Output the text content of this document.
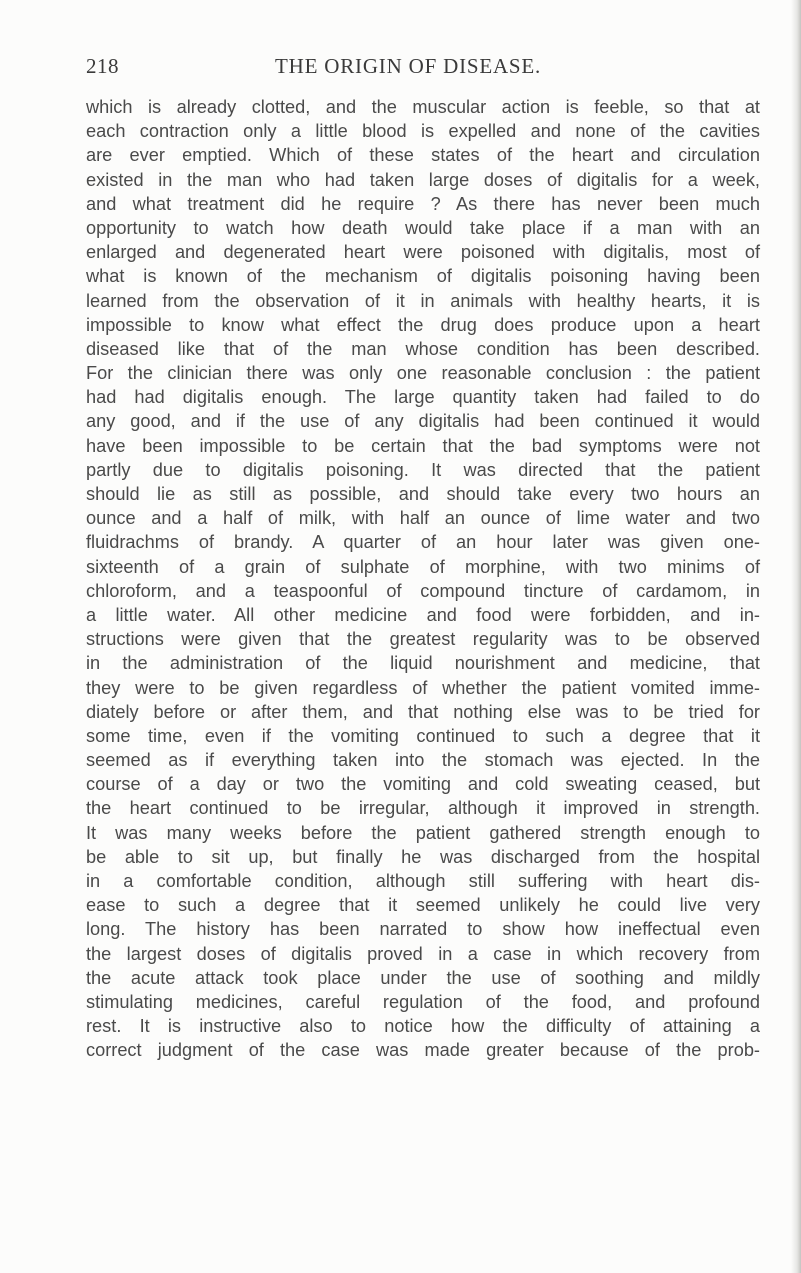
218	THE ORIGIN OF DISEASE.
which is already clotted, and the muscular action is feeble, so that at
each contraction only a little blood is expelled and none of the cavities
are ever emptied. Which of these states of the heart and circulation
existed in the man who had taken large doses of digitalis for a week,
and what treatment did he require ? As there has never been much
opportunity to watch how death would take place if a man with an
enlarged and degenerated heart were poisoned with digitalis, most of
what is known of the mechanism of digitalis poisoning having been
learned from the observation of it in animals with healthy hearts, it is
impossible to know what effect the drug does produce upon a heart
diseased like that of the man whose condition has been described.
For the clinician there was only one reasonable conclusion : the patient
had had digitalis enough. The large quantity taken had failed to do
any good, and if the use of any digitalis had been continued it would
have been impossible to be certain that the bad symptoms were not
partly due to digitalis poisoning. It was directed that the patient
should lie as still as possible, and should take every two hours an
ounce and a half of milk, with half an ounce of lime water and two
fluidrachms of brandy. A quarter of an hour later was given one-
sixteenth of a grain of sulphate of morphine, with two minims of
chloroform, and a teaspoonful of compound tincture of cardamom, in
a little water. All other medicine and food were forbidden, and in-
structions were given that the greatest regularity was to be observed
in the administration of the liquid nourishment and medicine, that
they were to be given regardless of whether the patient vomited imme-
diately before or after them, and that nothing else was to be tried for
some time, even if the vomiting continued to such a degree that it
seemed as if everything taken into the stomach was ejected. In the
course of a day or two the vomiting and cold sweating ceased, but
the heart continued to be irregular, although it improved in strength.
It was many weeks before the patient gathered strength enough to
be able to sit up, but finally he was discharged from the hospital
in a comfortable condition, although still suffering with heart dis-
ease to such a degree that it seemed unlikely he could live very
long. The history has been narrated to show how ineffectual even
the largest doses of digitalis proved in a case in which recovery from
the acute attack took place under the use of soothing and mildly
stimulating medicines, careful regulation of the food, and profound
rest. It is instructive also to notice how the difficulty of attaining a
correct judgment of the case was made greater because of the prob-
